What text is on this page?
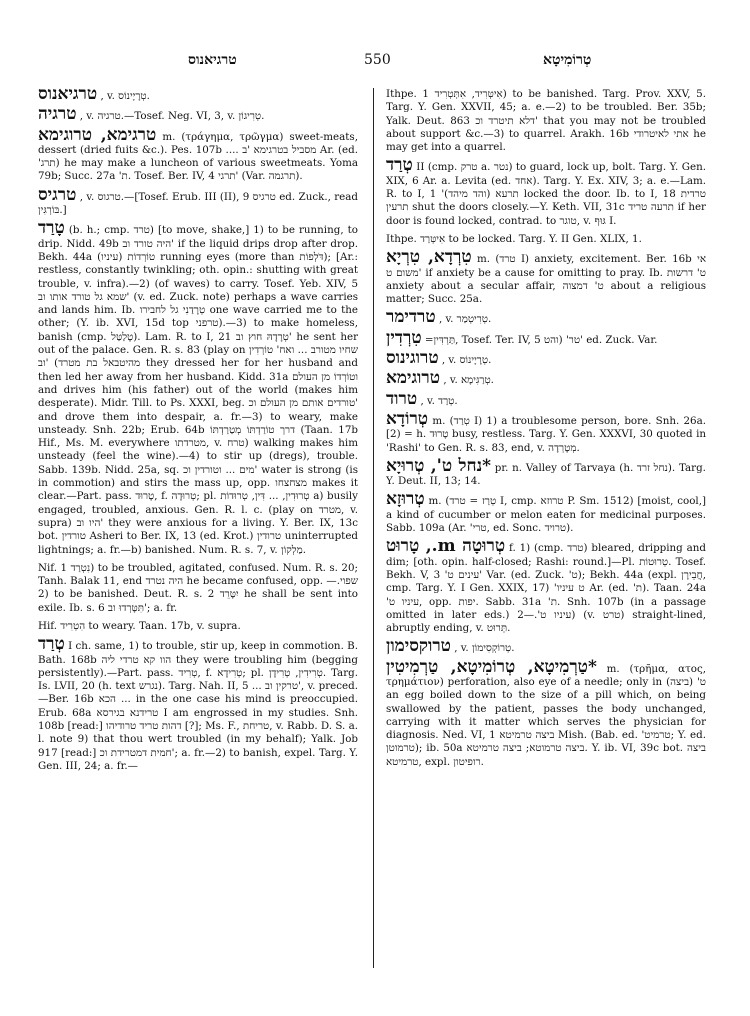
טרגיאנוס	550	טְרוֹמִיטָא

טרגיאנוס , v. טְרָיָינוֹס.

טרגיה , v. טרגיה.—Tosef. Neg. VI, 3, v. טְרִיגוֹן.

טרגימא, טרוגימא m. (τράγημα, τρῶγμα) sweet-meats, dessert (dried fuits &c.). Pes. 107b .... מסביל בטרגימא 'ב Ar. (ed. 'תרג) he may make a luncheon of various sweetmeats. Yoma 79b; Succ. 27a 'ת. Tosef. Ber. IV, 4 תרגי' (Var. תרגמה).

טרגיס , v. טרגוס.—[Tosef. Erub. III (II), 9 טרגיס ed. Zuck., read בּוֹרְגִּין.]

טָרַד (b. h.; cmp. טרד) [to move, shake,] 1) to be running, to drip. Nidd. 49b היה טורד וב' if the liquid drips drop after drop. Bekh. 44a טוֹרְדוֹת (עיניו) running eyes (more than דֹּלְפוֹת); [Ar.: restless, constantly twinkling; oth. opin.: shutting with great trouble, v. infra).—2) (of waves) to carry. Tosef. Yeb. XIV, 5 שמא גל טורד אותו וב' (v. ed. Zuck. note) perhaps a wave carries and lands him. Ib. טְרָדַנִי גל לחבירו one wave carried me to the other; (Y. ib. XVI, 15d top טרפני).—3) to make homeless, banish (cmp. טָלַטַּל). Lam. R. to I, 21 טְרָדָהּ חוץ וב' he sent her out of the palace. Gen. R. s. 83 (play on שחיו מטורב ... ואח' טוֹרְדִין וב' (מהיטבאל בת מטרד they dressed her for her husband and then led her away from her husband. Kidd. 31a וטוֹרְדוֹ מן העולם and drives him (his father) out of the world (makes him desperate). Midr. Till. to Ps. XXXI, beg. טורדים אותם מן העולם וכ' and drove them into despair, a. fr.—3) to weary, make unsteady. Snh. 22b; Erub. 64b דרך טוֹרַדְתּוֹ מְטַרַדְתּוֹ (Taan. 17b Hif., Ms. M. everywhere מטרדתו, v. טרח) walking makes him unsteady (feel the wine).—4) to stir up (dregs), trouble. Sabb. 139b. Nidd. 25a, sq. מים ... וטורדין וכ' water is strong (is in commotion) and stirs the mass up, opp. מצחצחו makes it clear.—Part. pass. טָרוּד, f. טְרוּדָה; pl. טְרוּדִין, ... דִּין, טְרוּדוֹת a) busily engaged, troubled, anxious. Gen. R. l. c. (play on מטרד, v. supra) היו וב' they were anxious for a living. Y. Ber. IX, 13c bot. טורדין Asheri to Ber. IX, 13 (ed. Krot.) טרודין uninterrupted lightnings; a. fr.—b) banished. Num. R. s. 7, v. מַלְקוֹן.

Nif. נִטְרַד 1) to be troubled, agitated, confused. Num. R. s. 20; Tanh. Balak 11, end היה נטרד he became confused, opp. שפוי.—2) to be banished. Deut. R. s. 2 יִטָּרֵד he shall be sent into exile. Ib. s. 6 תִּטָּרְדוּ וב'; a. fr.

Hif. הִטְרִיד to weary. Taan. 17b, v. supra.

טְרַד I ch. same, 1) to trouble, stir up, keep in commotion. B. Bath. 168b הוו קא טרדי ליה they were troubling him (begging persistently).—Part. pass. טְרִיד, f. טְרִידָא; pl. טְרִידִין, טְרִידָן. Targ. Is. LVII, 20 (h. text נגרש). Targ. Nah. II, 5 ... טרקין וב', v. preced.—Ber. 16b הכא ... in the one case his mind is preoccupied. Erub. 68a טרידנא בגירסא I am engrossed in my studies. Snh. 108b [read:] דהות טריד טרודיהו [?]; Ms. F., טריחת, v. Rabb. D. S. a. l. note 9) that thou wert troubled (in my behalf); Yalk. Job 917 [read:] חמית דמטרידת וכ'; a. fr.—2) to banish, expel. Targ. Y. Gen. III, 24; a. fr.—

Ithpe. אִיטְּרִיד, אִתְּטְרִיד 1) to be banished. Targ. Prov. XXV, 5. Targ. Y. Gen. XXVII, 45; a. e.—2) to be troubled. Ber. 35b; Yalk. Deut. 863 דלא תיטרד וכ' that you may not be troubled about support &c.—3) to quarrel. Arakh. 16b אתי לאיטרודי he may get into a quarrel.

טְרַד II (cmp. טרק a. נטר) to guard, lock up, bolt. Targ. Y. Gen. XIX, 6 Ar. a. Levita (ed. אחד). Targ. Y. Ex. XIV, 3; a. e.—Lam. R. to I, 1 'תרעא (והד מיהד) locked the door. Ib. to I, 18 טרדית תרעין shut the doors closely.—Y. Keth. VII, 31c תרעה טריד if her door is found locked, contrad. to טוגר, v. גּוּף I.

Ithpe. אִיטְּרַד to be locked. Targ. Y. II Gen. XLIX, 1.

טִרְדָא, טִרְיָא m. (טרד I) anxiety, excitement. Ber. 16b אי משום ט' if anxiety be a cause for omitting to pray. Ib. ט' דרשות anxiety about a secular affair, ט' דמצוה about a religious matter; Succ. 25a.

טרדימר , v. טְרִיטְמַר.

טִרְדִין =תַּרְדִּין, Tosef. Ter. IV, 5 טר' (והט' ed. Zuck. Var.

טרוגינוס , v. טְרָיָינוֹס.

טרוגימא , v. טְרַגִּימָא.

טרוד , v. טְרַד.

טְרוֹדָא m. (טְרַד I) 1) a troublesome person, bore. Snh. 26a. [2) = h. טָרוּד busy, restless. Targ. Y. Gen. XXXVI, 30 quoted in 'Rashi' to Gen. R. s. 83, end, v. מְטָרְדָה.

*נחל ט', טְרוּיָא pr. n. Valley of Tarvaya (h. נחל זרד). Targ. Y. Deut. II, 13; 14.

טְרוּזָא m. (טְרַז = טרד I, cmp. טרוזא P. Sm. 1512) [moist, cool,] a kind of cucumber or melon eaten for medicinal purposes. Sabb. 109a (Ar. 'טרי, ed. Sonc. טרויד).

טְרוּטָה m., טָרוּט f. 1) (cmp. טרד) bleared, dripping and dim; [oth. opin. half-closed; Rashi: round.]—Pl. טְרוּטוֹת. Tosef. Bekh. V, 3 'עינים ט' Var. (ed. Zuck. 'ט); Bekh. 44a (expl. חֲבֵירָן, cmp. Targ. Y. I Gen. XXIX, 17) 'ט עיניו Ar. (ed. 'ת). Taan. 24a 'עיניו ט, opp. יפות. Sabb. 31a 'ת. Snh. 107b (in a passage omitted in later eds.) עיניו ט'.—2) (v. טרט) straight-lined, abruptly ending, v. תְּרוּט.

טרוקסימון , v. טְרוֹקְסִימוֹן.

*טַרְמִיטָא, טְרוֹמִיטָא, טַרְמִיטִין m. (τρῆμα, ατος, τρημάτιον) perforation, also eye of a needle; only in ט' (ביצה) an egg boiled down to the size of a pill which, on being swallowed by the patient, passes the body unchanged, carrying with it matter which serves the physician for diagnosis. Ned. VI, 1 ביצה טרמיטא Mish. (Bab. ed. 'טרמיט; Y. ed. טרמוטן); ib. 50a ביצה טרמוטא; ביצה טרמיטא. Y. ib. VI, 39c bot. ביצה טרמיטא, expl. רופיטון.
